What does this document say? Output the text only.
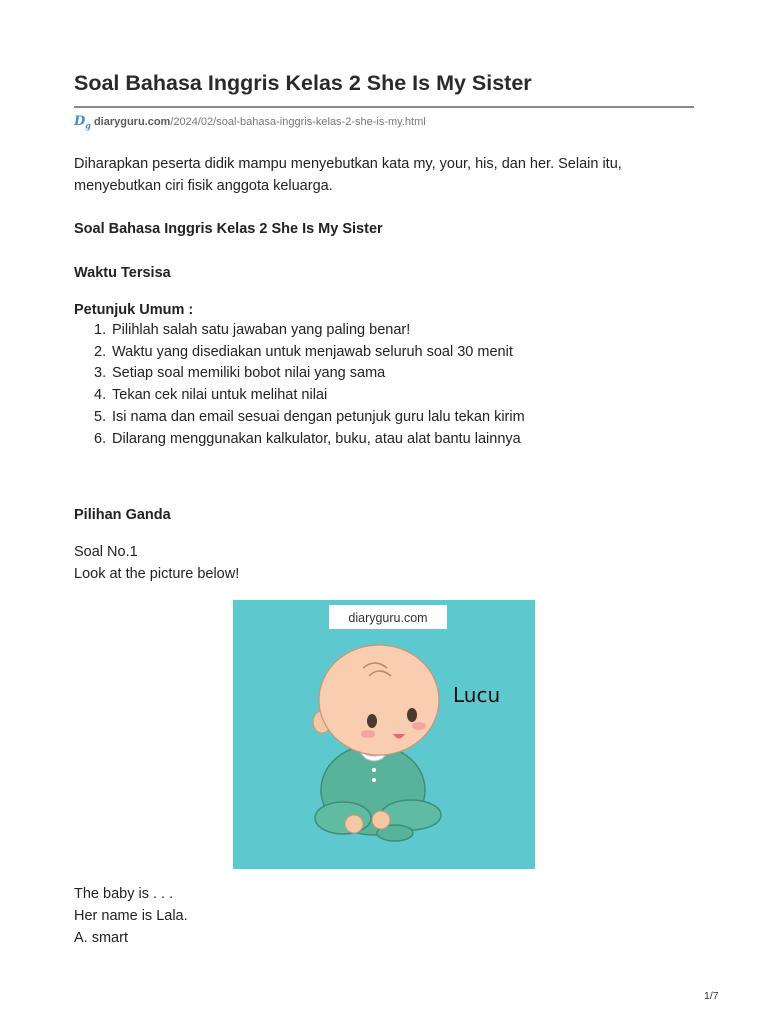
Soal Bahasa Inggris Kelas 2 She Is My Sister
$D_g$ diaryguru.com/2024/02/soal-bahasa-inggris-kelas-2-she-is-my.html
Diharapkan peserta didik mampu menyebutkan kata my, your, his, dan her. Selain itu,
menyebutkan ciri fisik anggota keluarga.
Soal Bahasa Inggris Kelas 2 She Is My Sister
Waktu Tersisa
Petunjuk Umum :
1. Pilihlah salah satu jawaban yang paling benar!
2. Waktu yang disediakan untuk menjawab seluruh soal 30 menit
3. Setiap soal memiliki bobot nilai yang sama
4. Tekan cek nilai untuk melihat nilai
5. Isi nama dan email sesuai dengan petunjuk guru lalu tekan kirim
6. Dilarang menggunakan kalkulator, buku, atau alat bantu lainnya
Pilihan Ganda
Soal No.1
Look at the picture below!
diaryguru.com
Lucu
The baby is . . .
Her name is Lala.
A. smart
1/7
